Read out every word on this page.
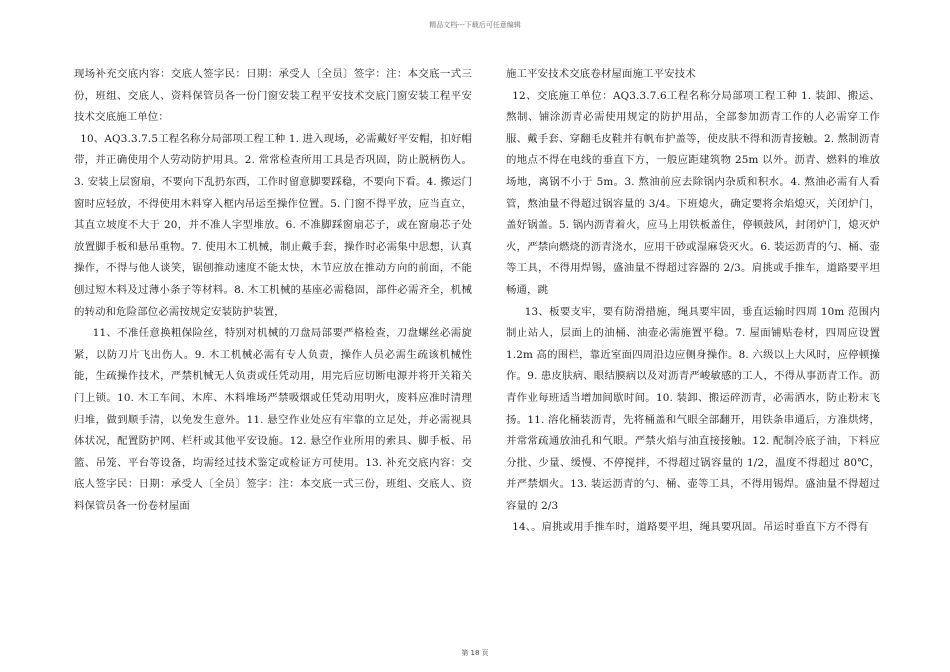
精品文档---下载后可任意编辑

现场补充交底内容：交底人签字民：日期：承受人〔全员〕签字：注：本交底一式三份，班组、交底人、资料保管员各一份门窗安装工程平安技术交底门窗安装工程平安技术交底施工单位：

10、AQ3.3.7.5工程名称分局部项工程工种 1. 进入现场，必需戴好平安帽，扣好帽带，并正确使用个人劳动防护用具。2. 常常检查所用工具是否巩固，防止脱柄伤人。3. 安装上层窗扇，不要向下乱扔东西，工作时留意脚要踩稳，不要向下看。4. 搬运门窗时应轻放，不得使用木料穿入框内吊运至操作位置。5. 门窗不得平放，应当直立，其直立坡度不大于 20，并不准人字型堆放。6. 不准脚踩窗扇芯子，或在窗扇芯子处放置脚手板和悬吊重物。7. 使用木工机械，制止戴手套，操作时必需集中思想，认真操作，不得与他人谈笑，锯刨推动速度不能太快，木节应放在推动方向的前面，不能刨过短木料及过薄小条子等材料。8. 木工机械的基座必需稳固，部件必需齐全，机械的转动和危险部位必需按规定安装防护装置，

11、不准任意换粗保险丝，特别对机械的刀盘局部要严格检查，刀盘螺丝必需旋紧，以防刀片飞出伤人。9. 木工机械必需有专人负责，操作人员必需生疏该机械性能，生疏操作技术，严禁机械无人负责或任凭动用，用完后应切断电源并将开关箱关门上锁。10. 木工车间、木库、木料堆场严禁吸烟或任凭动用明火，废料应准时清理归堆，做到顺手清，以免发生意外。11. 悬空作业处应有牢靠的立足处，并必需视具体状况，配置防护网、栏杆或其他平安设施。12. 悬空作业所用的索具、脚手板、吊篮、吊笼、平台等设备，均需经过技术鉴定或检证方可使用。13. 补充交底内容：交底人签字民：日期：承受人〔全员〕签字：注：本交底一式三份，班组、交底人、资料保管员各一份卷材屋面

施工平安技术交底卷材屋面施工平安技术

12、交底施工单位：AQ3.3.7.6工程名称分局部项工程工种 1. 装卸、搬运、熬制、铺涂沥青必需使用规定的防护用品，全部参加沥青工作的人必需穿工作服、戴手套、穿翻毛皮鞋并有帆布护盖等，使皮肤不得和沥青接触。2. 熬制沥青的地点不得在电线的垂直下方，一般应距建筑物 25m 以外。沥青、燃料的堆放场地，离锅不小于 5m。3. 熬油前应去除锅内杂质和积水。4. 熬油必需有人看管，熬油量不得超过锅容量的 3/4。下班熄火，确定要将余焰熄灭，关闭炉门，盖好锅盖。5. 锅内沥青着火，应马上用铁板盖住，停顿鼓风，封闭炉门，熄灭炉火，严禁向燃烧的沥青浇水，应用干砂或湿麻袋灭火。6. 装运沥青的勺、桶、壶等工具，不得用焊锡，盛油量不得超过容器的 2/3。肩挑或手推车，道路要平坦畅通，跳

13、板要支牢，要有防滑措施，绳具要牢固，垂直运输时四周 10m 范围内制止站人，层面上的油桶、油壶必需施置平稳。7. 屋面铺贴卷材，四周应设置 1.2m 高的围栏，靠近室面四周沿边应侧身操作。8. 六级以上大风时，应停顿操作。9. 患皮肤病、眼结膜病以及对沥青严峻敏感的工人，不得从事沥青工作。沥青作业每班适当增加间歇时间。10. 装卸、搬运碎沥青，必需洒水，防止粉末飞扬。11. 溶化桶装沥青，先将桶盖和气眼全部翻开，用铁条串通后，方准烘烤，并常常疏通放油孔和气眼。严禁火焰与油直接接触。12. 配制冷底子油，下料应分批、少量、缓慢、不停搅拌，不得超过锅容量的 1/2，温度不得超过 80℃，并严禁烟火。13. 装运沥青的勺、桶、壶等工具，不得用锡焊。盛油量不得超过容量的 2/3

14、。肩挑或用手推车时，道路要平坦，绳具要巩固。吊运时垂直下方不得有

第 18 页
